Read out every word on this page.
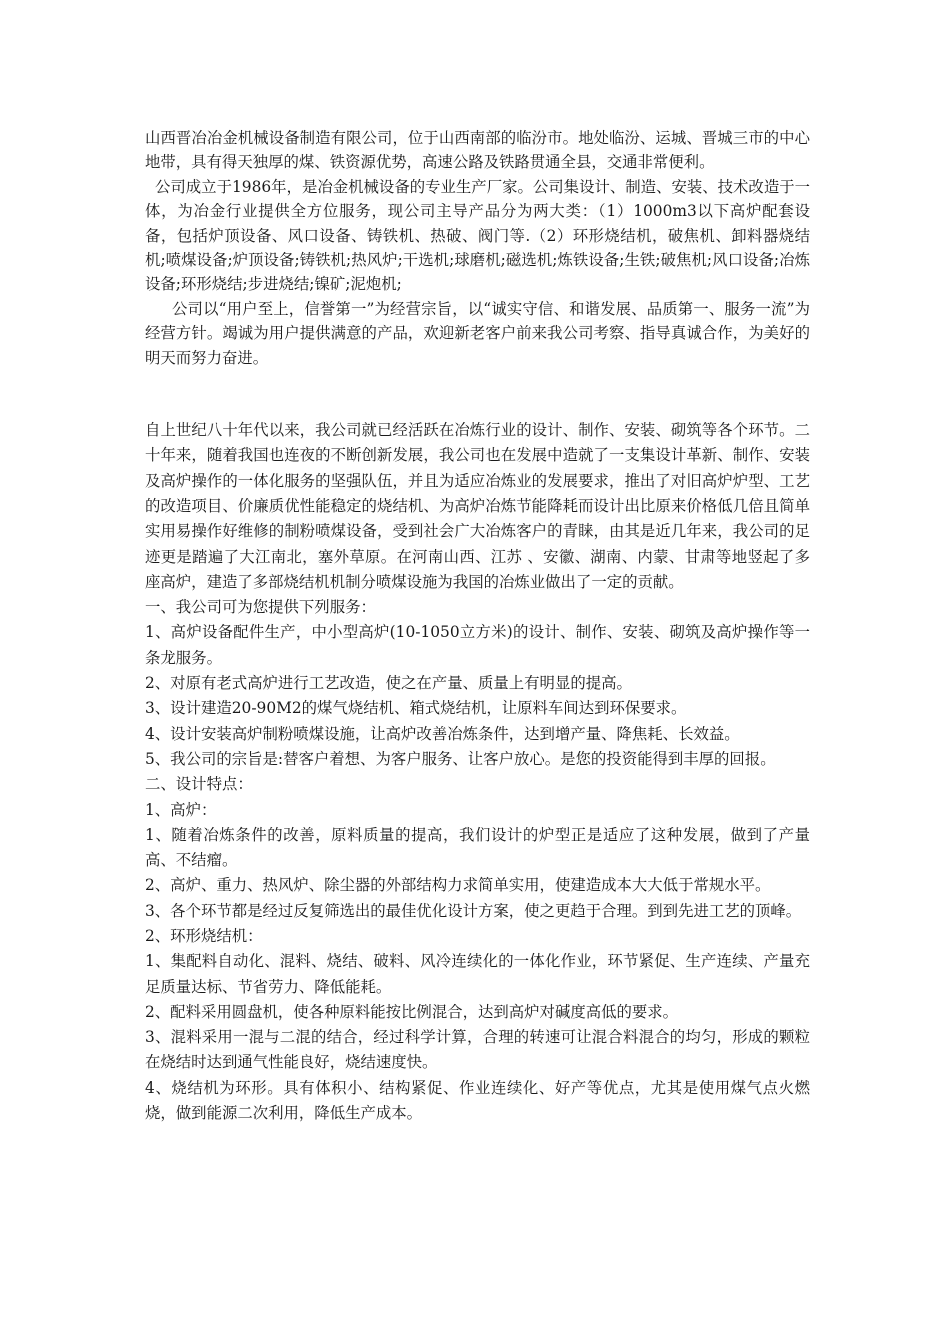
山西晋冶冶金机械设备制造有限公司，位于山西南部的临汾市。地处临汾、运城、晋城三市的中心地带，具有得天独厚的煤、铁资源优势，高速公路及铁路贯通全县，交通非常便利。

公司成立于1986年，是冶金机械设备的专业生产厂家。公司集设计、制造、安装、技术改造于一体，为冶金行业提供全方位服务，现公司主导产品分为两大类：（1）1000m3以下高炉配套设备，包括炉顶设备、风口设备、铸铁机、热破、阀门等.（2）环形烧结机，破焦机、卸料器烧结机;喷煤设备;炉顶设备;铸铁机;热风炉;干选机;球磨机;磁选机;炼铁设备;生铁;破焦机;风口设备;冶炼设备;环形烧结;步进烧结;镍矿;泥炮机;

公司以“用户至上，信誉第一”为经营宗旨，以“诚实守信、和谐发展、品质第一、服务一流”为经营方针。竭诚为用户提供满意的产品，欢迎新老客户前来我公司考察、指导真诚合作，为美好的明天而努力奋进。

自上世纪八十年代以来，我公司就已经活跃在冶炼行业的设计、制作、安装、砌筑等各个环节。二十年来，随着我国也连夜的不断创新发展，我公司也在发展中造就了一支集设计革新、制作、安装及高炉操作的一体化服务的坚强队伍，并且为适应冶炼业的发展要求，推出了对旧高炉炉型、工艺的改造项目、价廉质优性能稳定的烧结机、为高炉冶炼节能降耗而设计出比原来价格低几倍且简单实用易操作好维修的制粉喷煤设备，受到社会广大冶炼客户的青睐，由其是近几年来，我公司的足迹更是踏遍了大江南北，塞外草原。在河南山西、江苏 、安徽、湖南、内蒙、甘肃等地竖起了多座高炉，建造了多部烧结机机制分喷煤设施为我国的冶炼业做出了一定的贡献。

一、我公司可为您提供下列服务：

1、高炉设备配件生产，中小型高炉(10-1050立方米)的设计、制作、安装、砌筑及高炉操作等一条龙服务。

2、对原有老式高炉进行工艺改造，使之在产量、质量上有明显的提高。

3、设计建造20-90M2的煤气烧结机、箱式烧结机，让原料车间达到环保要求。

4、设计安装高炉制粉喷煤设施，让高炉改善冶炼条件，达到增产量、降焦耗、长效益。

5、我公司的宗旨是:替客户着想、为客户服务、让客户放心。是您的投资能得到丰厚的回报。

二、设计特点：

1、高炉：

1、随着冶炼条件的改善，原料质量的提高，我们设计的炉型正是适应了这种发展，做到了产量高、不结瘤。

2、高炉、重力、热风炉、除尘器的外部结构力求简单实用，使建造成本大大低于常规水平。

3、各个环节都是经过反复筛选出的最佳优化设计方案，使之更趋于合理。到到先进工艺的顶峰。

2、环形烧结机：

1、集配料自动化、混料、烧结、破料、风冷连续化的一体化作业，环节紧促、生产连续、产量充足质量达标、节省劳力、降低能耗。

2、配料采用圆盘机，使各种原料能按比例混合，达到高炉对碱度高低的要求。

3、混料采用一混与二混的结合，经过科学计算，合理的转速可让混合料混合的均匀，形成的颗粒在烧结时达到通气性能良好，烧结速度快。

4、烧结机为环形。具有体积小、结构紧促、作业连续化、好产等优点，尤其是使用煤气点火燃烧，做到能源二次利用，降低生产成本。
